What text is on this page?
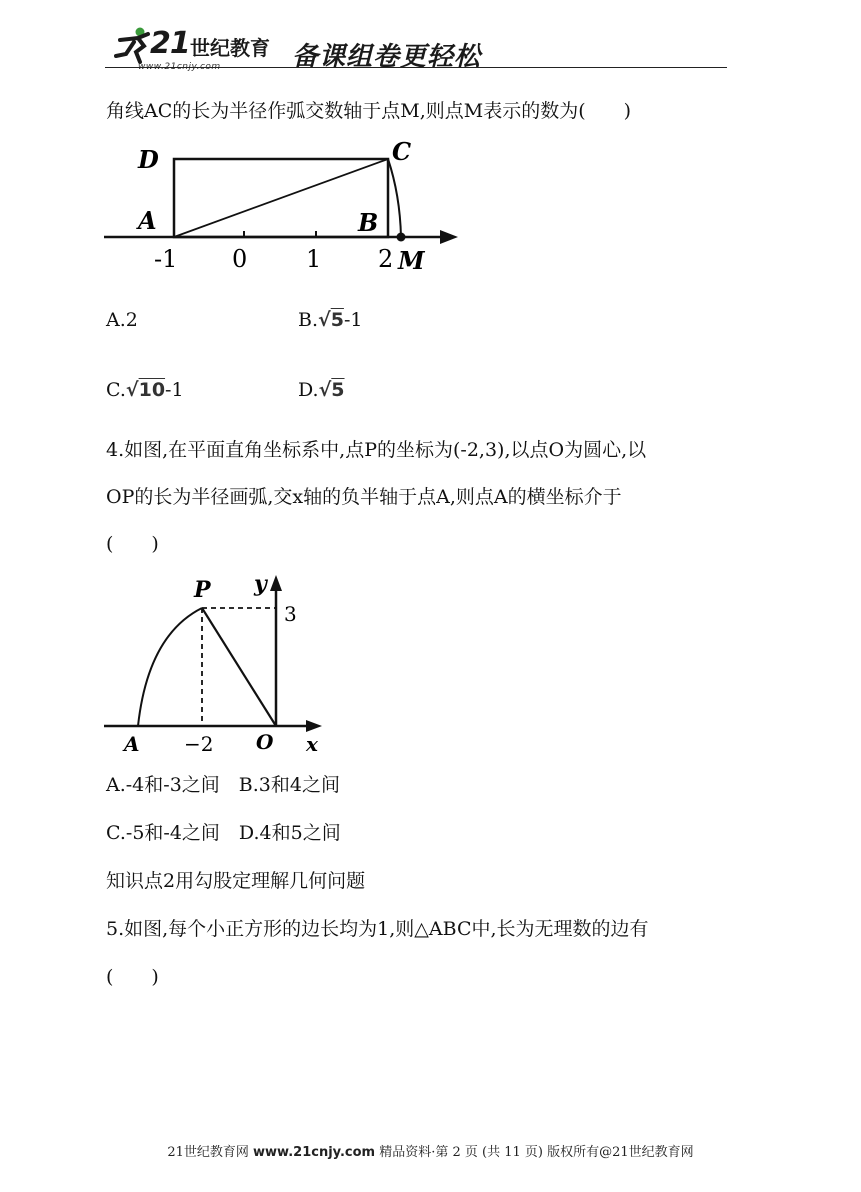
21 世纪教育
www.21cnjy.com	备课组卷更轻松
角线AC的长为半径作弧交数轴于点M,则点M表示的数为(　　)
D	C
A	B
M
-1 0 1 2
A.2	B.√5-1
C.√10-1	D.√5
4.如图,在平面直角坐标系中,点P的坐标为(-2,3),以点O为圆心,以
OP的长为半径画弧,交x轴的负半轴于点A,则点A的横坐标介于
(　　)
P y
3
A −2 O x
A.-4和-3之间　B.3和4之间
C.-5和-4之间　D.4和5之间
知识点2用勾股定理解几何问题
5.如图,每个小正方形的边长均为1,则△ABC中,长为无理数的边有
(　　)
21世纪教育网 www.21cnjy.com 精品资料·第 2 页 (共 11 页) 版权所有@21世纪教育网
